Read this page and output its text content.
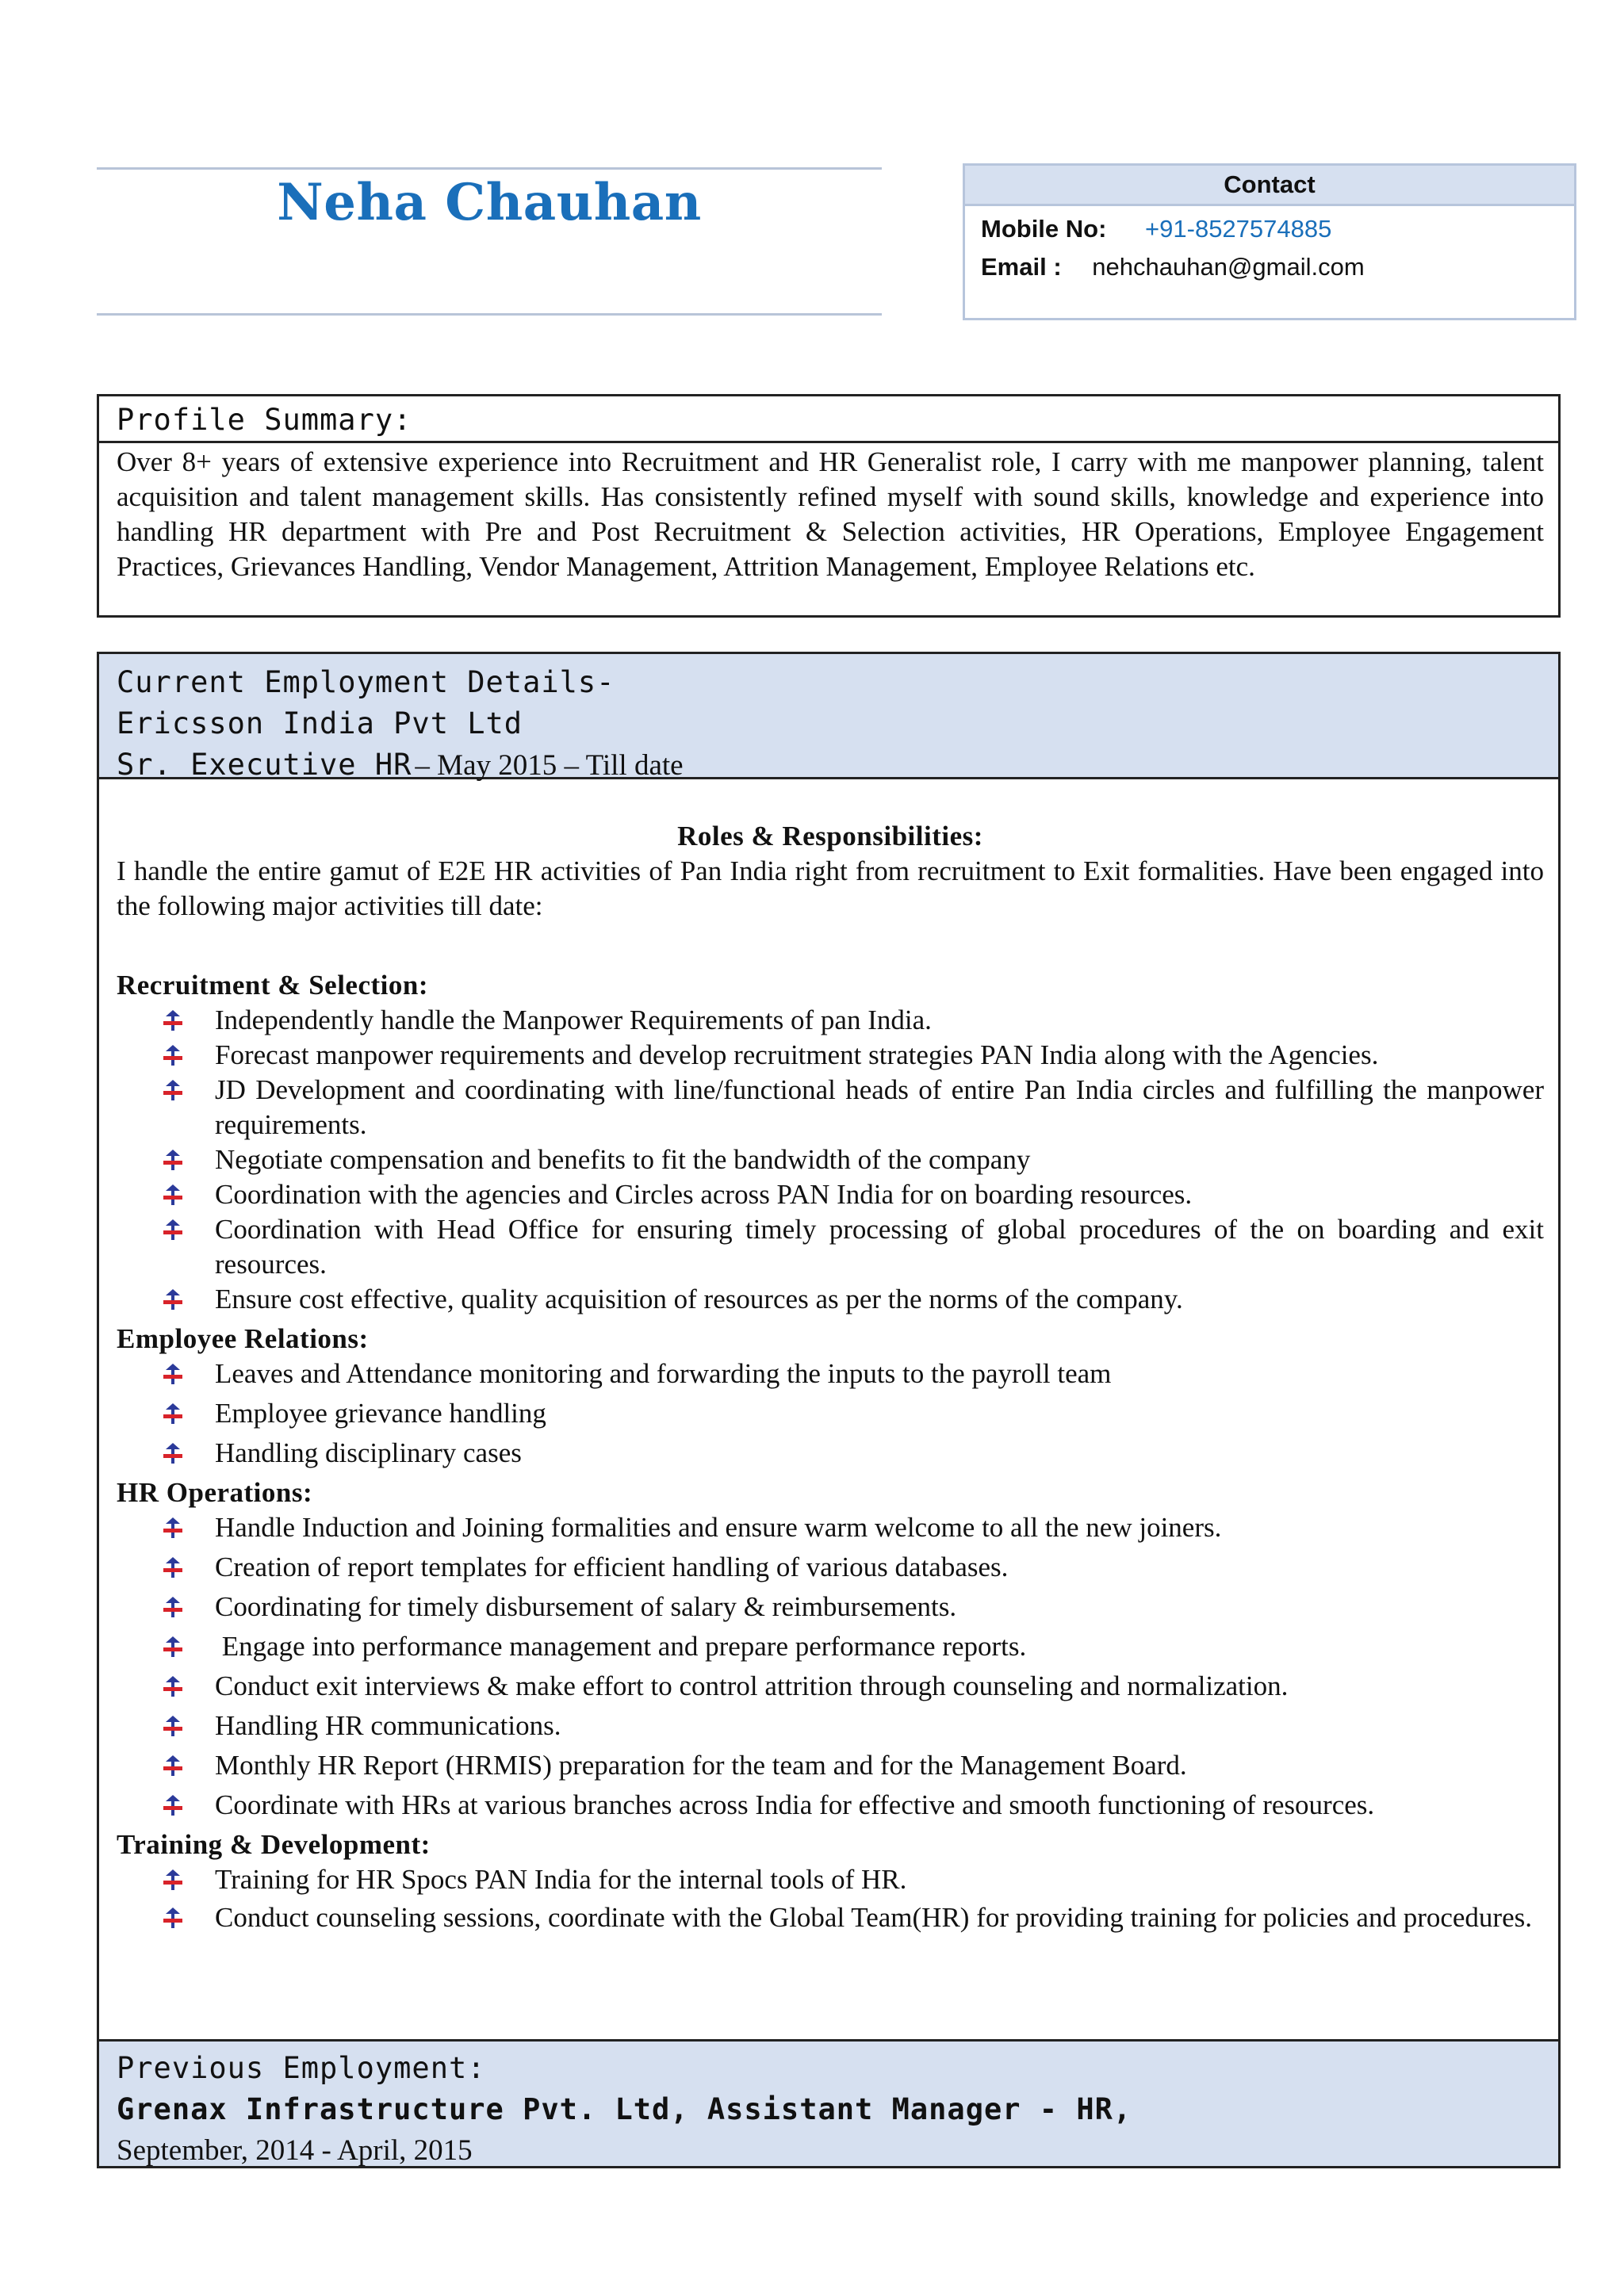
Neha Chauhan	Contact
Mobile No: +91-8527574885
Email : nehchauhan@gmail.com
Profile Summary:
Over 8+ years of extensive experience into Recruitment and HR Generalist role, I carry with me manpower planning, talent acquisition and talent management skills. Has consistently refined myself with sound skills, knowledge and experience into handling HR department with Pre and Post Recruitment & Selection activities, HR Operations, Employee Engagement Practices, Grievances Handling, Vendor Management, Attrition Management, Employee Relations etc.
Current Employment Details-
Ericsson India Pvt Ltd
Sr. Executive HR – May 2015 – Till date
Roles & Responsibilities:
I handle the entire gamut of E2E HR activities of Pan India right from recruitment to Exit formalities. Have been engaged into the following major activities till date:
Recruitment & Selection:
Independently handle the Manpower Requirements of pan India.
Forecast manpower requirements and develop recruitment strategies PAN India along with the Agencies.
JD Development and coordinating with line/functional heads of entire Pan India circles and fulfilling the manpower requirements.
Negotiate compensation and benefits to fit the bandwidth of the company
Coordination with the agencies and Circles across PAN India for on boarding resources.
Coordination with Head Office for ensuring timely processing of global procedures of the on boarding and exit resources.
Ensure cost effective, quality acquisition of resources as per the norms of the company.
Employee Relations:
Leaves and Attendance monitoring and forwarding the inputs to the payroll team
Employee grievance handling
Handling disciplinary cases
HR Operations:
Handle Induction and Joining formalities and ensure warm welcome to all the new joiners.
Creation of report templates for efficient handling of various databases.
Coordinating for timely disbursement of salary & reimbursements.
Engage into performance management and prepare performance reports.
Conduct exit interviews & make effort to control attrition through counseling and normalization.
Handling HR communications.
Monthly HR Report (HRMIS) preparation for the team and for the Management Board.
Coordinate with HRs at various branches across India for effective and smooth functioning of resources.
Training & Development:
Training for HR Spocs PAN India for the internal tools of HR.
Conduct counseling sessions, coordinate with the Global Team(HR) for providing training for policies and procedures.
Previous Employment:
Grenax Infrastructure Pvt. Ltd, Assistant Manager - HR,
September, 2014 - April, 2015
